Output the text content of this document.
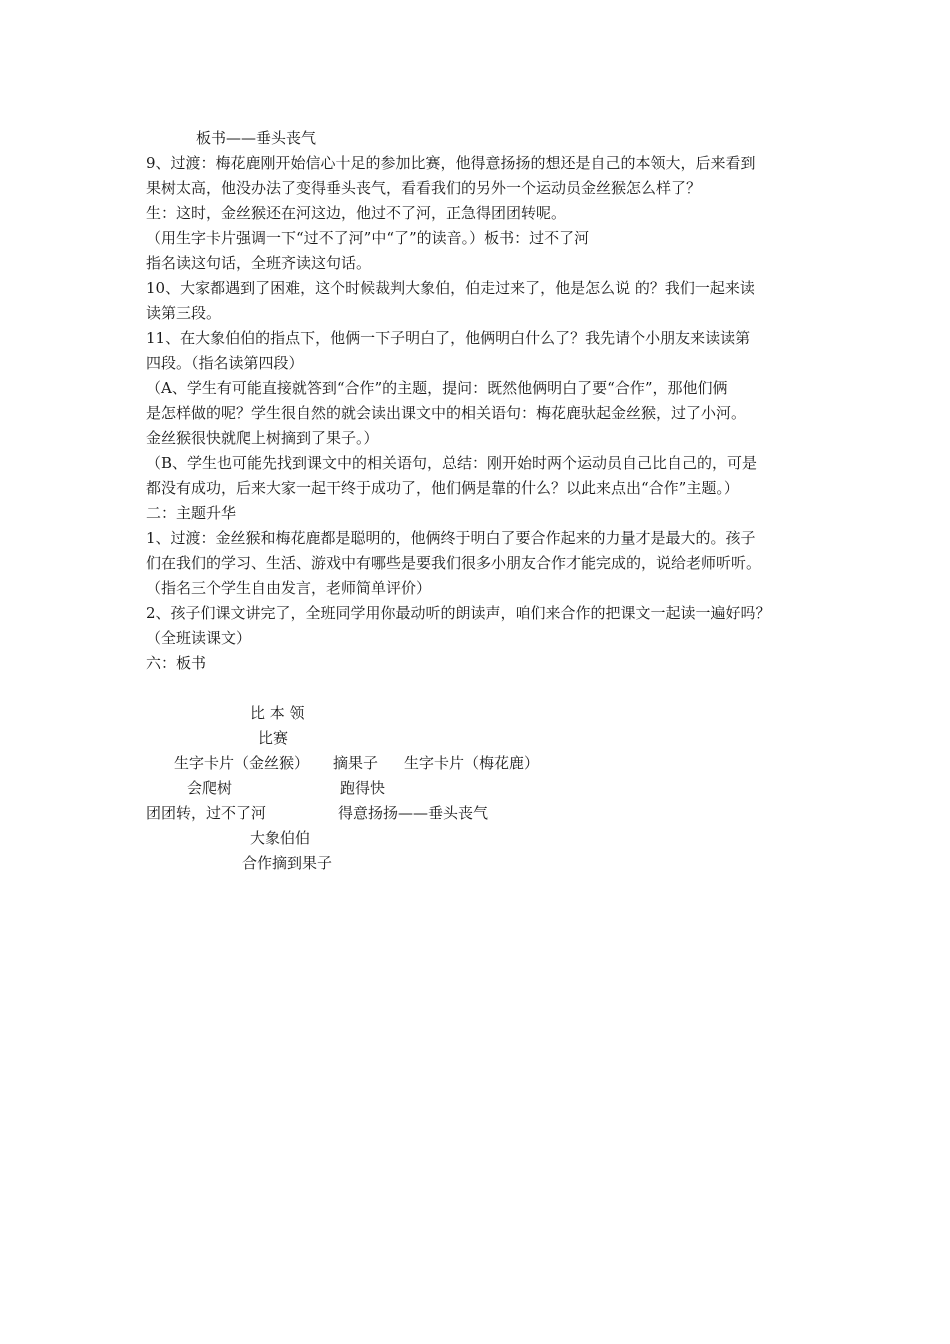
板书——垂头丧气
9、过渡：梅花鹿刚开始信心十足的参加比赛，他得意扬扬的想还是自己的本领大，后来看到
果树太高，他没办法了变得垂头丧气，看看我们的另外一个运动员金丝猴怎么样了？
生：这时，金丝猴还在河这边，他过不了河，正急得团团转呢。
（用生字卡片强调一下“过不了河”中“了”的读音。）板书：过不了河
指名读这句话，全班齐读这句话。
10、大家都遇到了困难，这个时候裁判大象伯，伯走过来了，他是怎么说 的？我们一起来读
读第三段。
11、在大象伯伯的指点下，他俩一下子明白了，他俩明白什么了？我先请个小朋友来读读第
四段。（指名读第四段）
（A、学生有可能直接就答到“合作”的主题，提问：既然他俩明白了要“合作”，那他们俩
是怎样做的呢？学生很自然的就会读出课文中的相关语句：梅花鹿驮起金丝猴，过了小河。
金丝猴很快就爬上树摘到了果子。）
（B、学生也可能先找到课文中的相关语句，总结：刚开始时两个运动员自己比自己的，可是
都没有成功，后来大家一起干终于成功了，他们俩是靠的什么？以此来点出“合作”主题。）
二：主题升华
1、过渡：金丝猴和梅花鹿都是聪明的，他俩终于明白了要合作起来的力量才是最大的。孩子
们在我们的学习、生活、游戏中有哪些是要我们很多小朋友合作才能完成的，说给老师听听。
（指名三个学生自由发言，老师简单评价）
2、孩子们课文讲完了，全班同学用你最动听的朗读声，咱们来合作的把课文一起读一遍好吗？
（全班读课文）
六：板书
比 本 领
比赛
生字卡片（金丝猴） 摘果子 生字卡片（梅花鹿）
会爬树	跑得快
团团转，过不了河	得意扬扬——垂头丧气
大象伯伯
合作摘到果子
